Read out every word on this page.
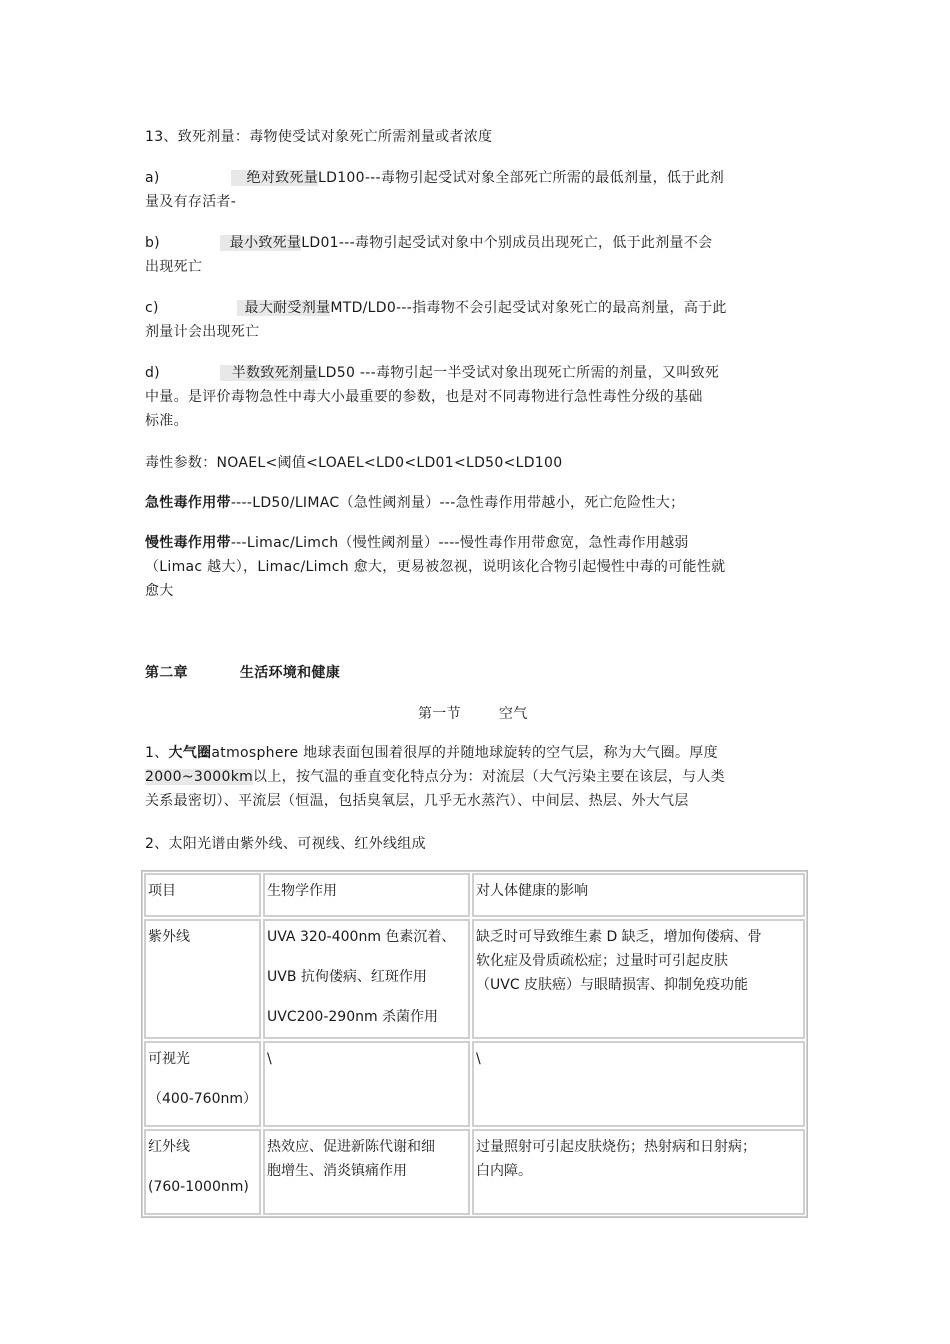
13、致死剂量：毒物使受试对象死亡所需剂量或者浓度

a)	绝对致死量LD100---毒物引起受试对象全部死亡所需的最低剂量，低于此剂
量及有存活者-
b)	最小致死量LD01---毒物引起受试对象中个别成员出现死亡，低于此剂量不会
出现死亡
c)	最大耐受剂量MTD/LD0---指毒物不会引起受试对象死亡的最高剂量，高于此
剂量计会出现死亡
d)	半数致死剂量LD50 ---毒物引起一半受试对象出现死亡所需的剂量，又叫致死
中量。是评价毒物急性中毒大小最重要的参数，也是对不同毒物进行急性毒性分级的基础
标准。

毒性参数：NOAEL<阈值<LOAEL<LD0<LD01<LD50<LD100

急性毒作用带----LD50/LIMAC（急性阈剂量）---急性毒作用带越小，死亡危险性大；

慢性毒作用带---Limac/Limch（慢性阈剂量）----慢性毒作用带愈宽，急性毒作用越弱
（Limac 越大），Limac/Limch 愈大，更易被忽视，说明该化合物引起慢性中毒的可能性就
愈大

第二章	生活环境和健康

第一节	空气

1、大气圈atmosphere 地球表面包围着很厚的并随地球旋转的空气层，称为大气圈。厚度
2000~3000km以上，按气温的垂直变化特点分为：对流层（大气污染主要在该层，与人类
关系最密切）、平流层（恒温，包括臭氧层，几乎无水蒸汽）、中间层、热层、外大气层

2、太阳光谱由紫外线、可视线、红外线组成

项目	生物学作用	对人体健康的影响

紫外线	UVA 320-400nm 色素沉着、
UVB 抗佝偻病、红斑作用
UVC200-290nm 杀菌作用	缺乏时可导致维生素 D 缺乏，增加佝偻病、骨
软化症及骨质疏松症；过量时可引起皮肤
（UVC 皮肤癌）与眼睛损害、抑制免疫功能

可视光
（400-760nm）	\	\

红外线
(760-1000nm)	热效应、促进新陈代谢和细
胞增生、消炎镇痛作用	过量照射可引起皮肤烧伤；热射病和日射病；
白内障。
